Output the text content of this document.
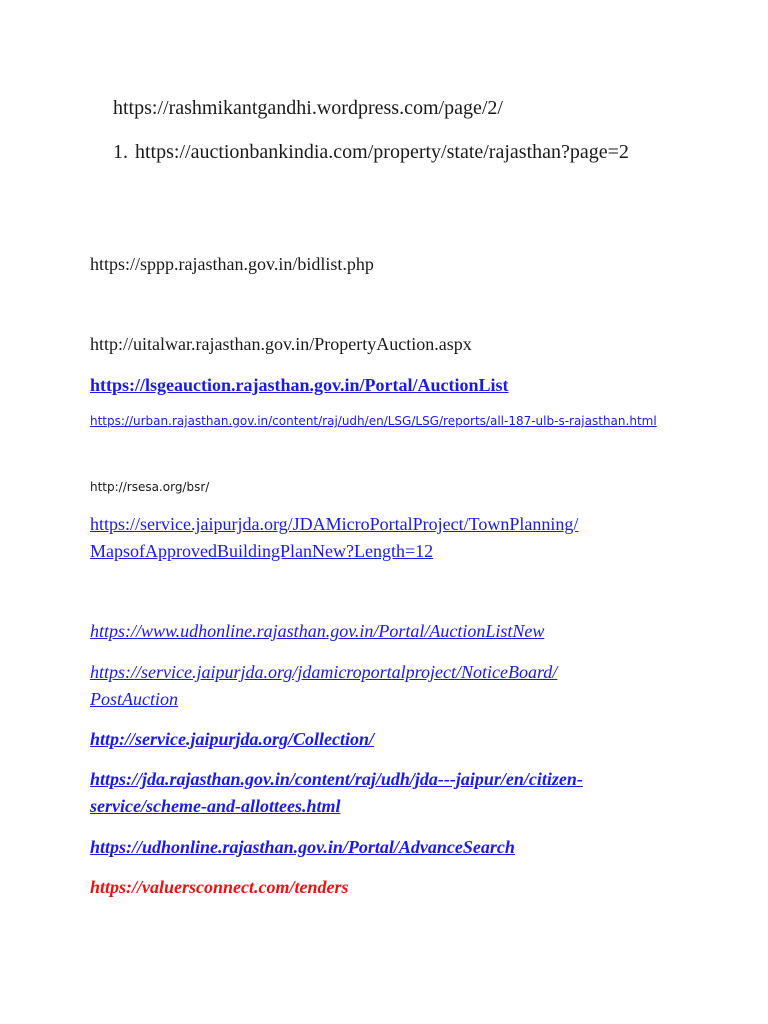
https://rashmikantgandhi.wordpress.com/page/2/
1. https://auctionbankindia.com/property/state/rajasthan?page=2
https://sppp.rajasthan.gov.in/bidlist.php
http://uitalwar.rajasthan.gov.in/PropertyAuction.aspx
https://lsgeauction.rajasthan.gov.in/Portal/AuctionList
https://urban.rajasthan.gov.in/content/raj/udh/en/LSG/LSG/reports/all-187-ulb-s-rajasthan.html
http://rsesa.org/bsr/
https://service.jaipurjda.org/JDAMicroPortalProject/TownPlanning/
MapsofApprovedBuildingPlanNew?Length=12
https://www.udhonline.rajasthan.gov.in/Portal/AuctionListNew
https://service.jaipurjda.org/jdamicroportalproject/NoticeBoard/
PostAuction
http://service.jaipurjda.org/Collection/
https://jda.rajasthan.gov.in/content/raj/udh/jda---jaipur/en/citizen-
service/scheme-and-allottees.html
https://udhonline.rajasthan.gov.in/Portal/AdvanceSearch
https://valuersconnect.com/tenders
